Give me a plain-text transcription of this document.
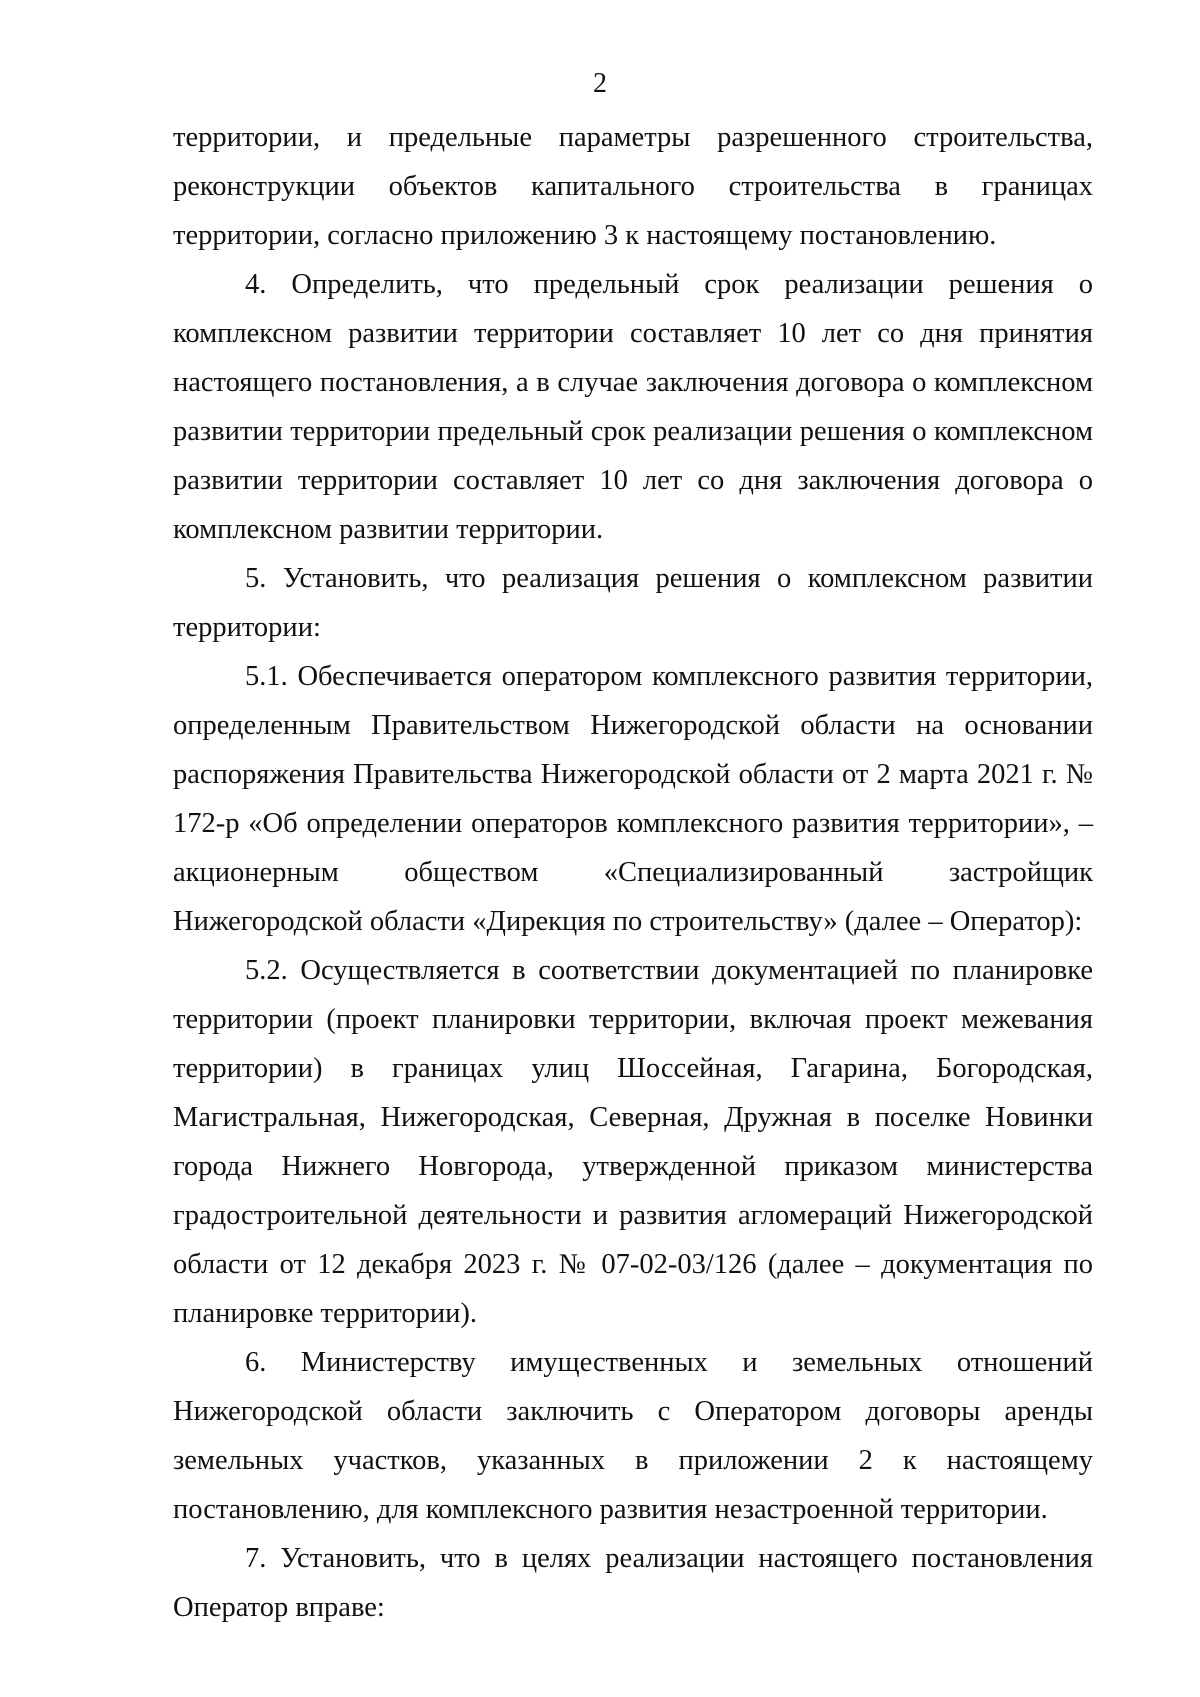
2

территории, и предельные параметры разрешенного строительства, реконструкции объектов капитального строительства в границах территории, согласно приложению 3 к настоящему постановлению.

4. Определить, что предельный срок реализации решения о комплексном развитии территории составляет 10 лет со дня принятия настоящего постановления, а в случае заключения договора о комплексном развитии территории предельный срок реализации решения о комплексном развитии территории составляет 10 лет со дня заключения договора о комплексном развитии территории.

5. Установить, что реализация решения о комплексном развитии территории:

5.1. Обеспечивается оператором комплексного развития территории, определенным Правительством Нижегородской области на основании распоряжения Правительства Нижегородской области от 2 марта 2021 г. № 172-р «Об определении операторов комплексного развития территории», – акционерным обществом «Специализированный застройщик Нижегородской области «Дирекция по строительству» (далее – Оператор):

5.2. Осуществляется в соответствии документацией по планировке территории (проект планировки территории, включая проект межевания территории) в границах улиц Шоссейная, Гагарина, Богородская, Магистральная, Нижегородская, Северная, Дружная в поселке Новинки города Нижнего Новгорода, утвержденной приказом министерства градостроительной деятельности и развития агломераций Нижегородской области от 12 декабря 2023 г. № 07-02-03/126 (далее – документация по планировке территории).

6. Министерству имущественных и земельных отношений Нижегородской области заключить с Оператором договоры аренды земельных участков, указанных в приложении 2 к настоящему постановлению, для комплексного развития незастроенной территории.

7. Установить, что в целях реализации настоящего постановления Оператор вправе:
